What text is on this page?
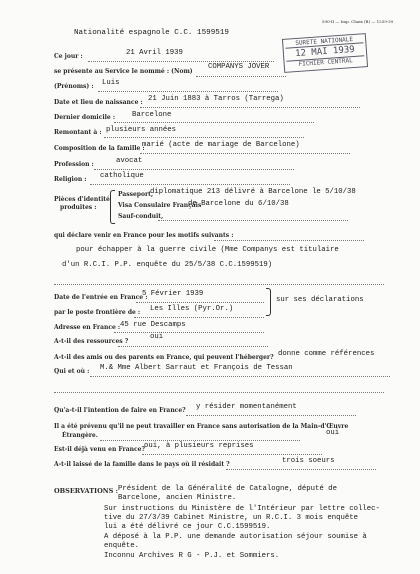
590-II — Imp. Chaix (B) — 1259-39
Nationalité espagnole C.C. 1599519
SURETE NATIONALE
12 MAI 1939
FICHIER CENTRAL
Ce jour :	21 Avril 1939
se présente au Service le nommé : (Nom)
COMPANYS JOVER
(Prénoms) : Luis
Date et lieu de naissance : 21 Juin 1883 à Tarros (Tarrega)
Dernier domicile : Barcelone
Remontant à : plusieurs années
Composition de la famille :
marié (acte de mariage de Barcelone)
Profession :	avocat
Religion : catholique
Pièces d'identité
produites :
Passeport,
diplomatique 213 délivré à Barcelone le 5/10/38
Visa Consulaire Français
de Barcelone du 6/10/38
Sauf-conduit,
qui déclare venir en France pour les motifs suivants :
pour échapper à la guerre civile (Mme Companys est titulaire
d'un R.C.I. P.P. enquête du 25/5/38 C.C.1599519)
Date de l'entrée en France :
5 Février 1939
par le poste frontière de : Les Illes (Pyr.Or.)
sur ses déclarations
Adresse en France : 45 rue Descamps
A-t-il des ressources ?
oui
A-t-il des amis ou des parents en France, qui peuvent l'héberger? donne comme références
Qui et où : M.& Mme Albert Sarraut et François de Tessan
Qu'a-t-il l'intention de faire en France? y résider momentanément
Il a été prévenu qu'il ne peut travailler en France sans autorisation de la Main-d'Œuvre
Étrangère.	oui
Est-il déjà venu en France? oui, à plusieurs reprises
A-t-il laissé de la famille dans le pays où il résidait ?	trois soeurs
OBSERVATIONS : Président de la Généralité de Catalogne, député de
Barcelone, ancien Ministre.
Sur instructions du Ministère de l'Intérieur par lettre collec-
tive du 27/3/39 Cabinet Ministre, un R.C.I. 3 mois enquête
lui a été délivré ce jour C.C.1599519.
A déposé à la P.P. une demande autorisation séjour soumise à
enquête.
Inconnu Archives R G - P.J. et Sommiers.
